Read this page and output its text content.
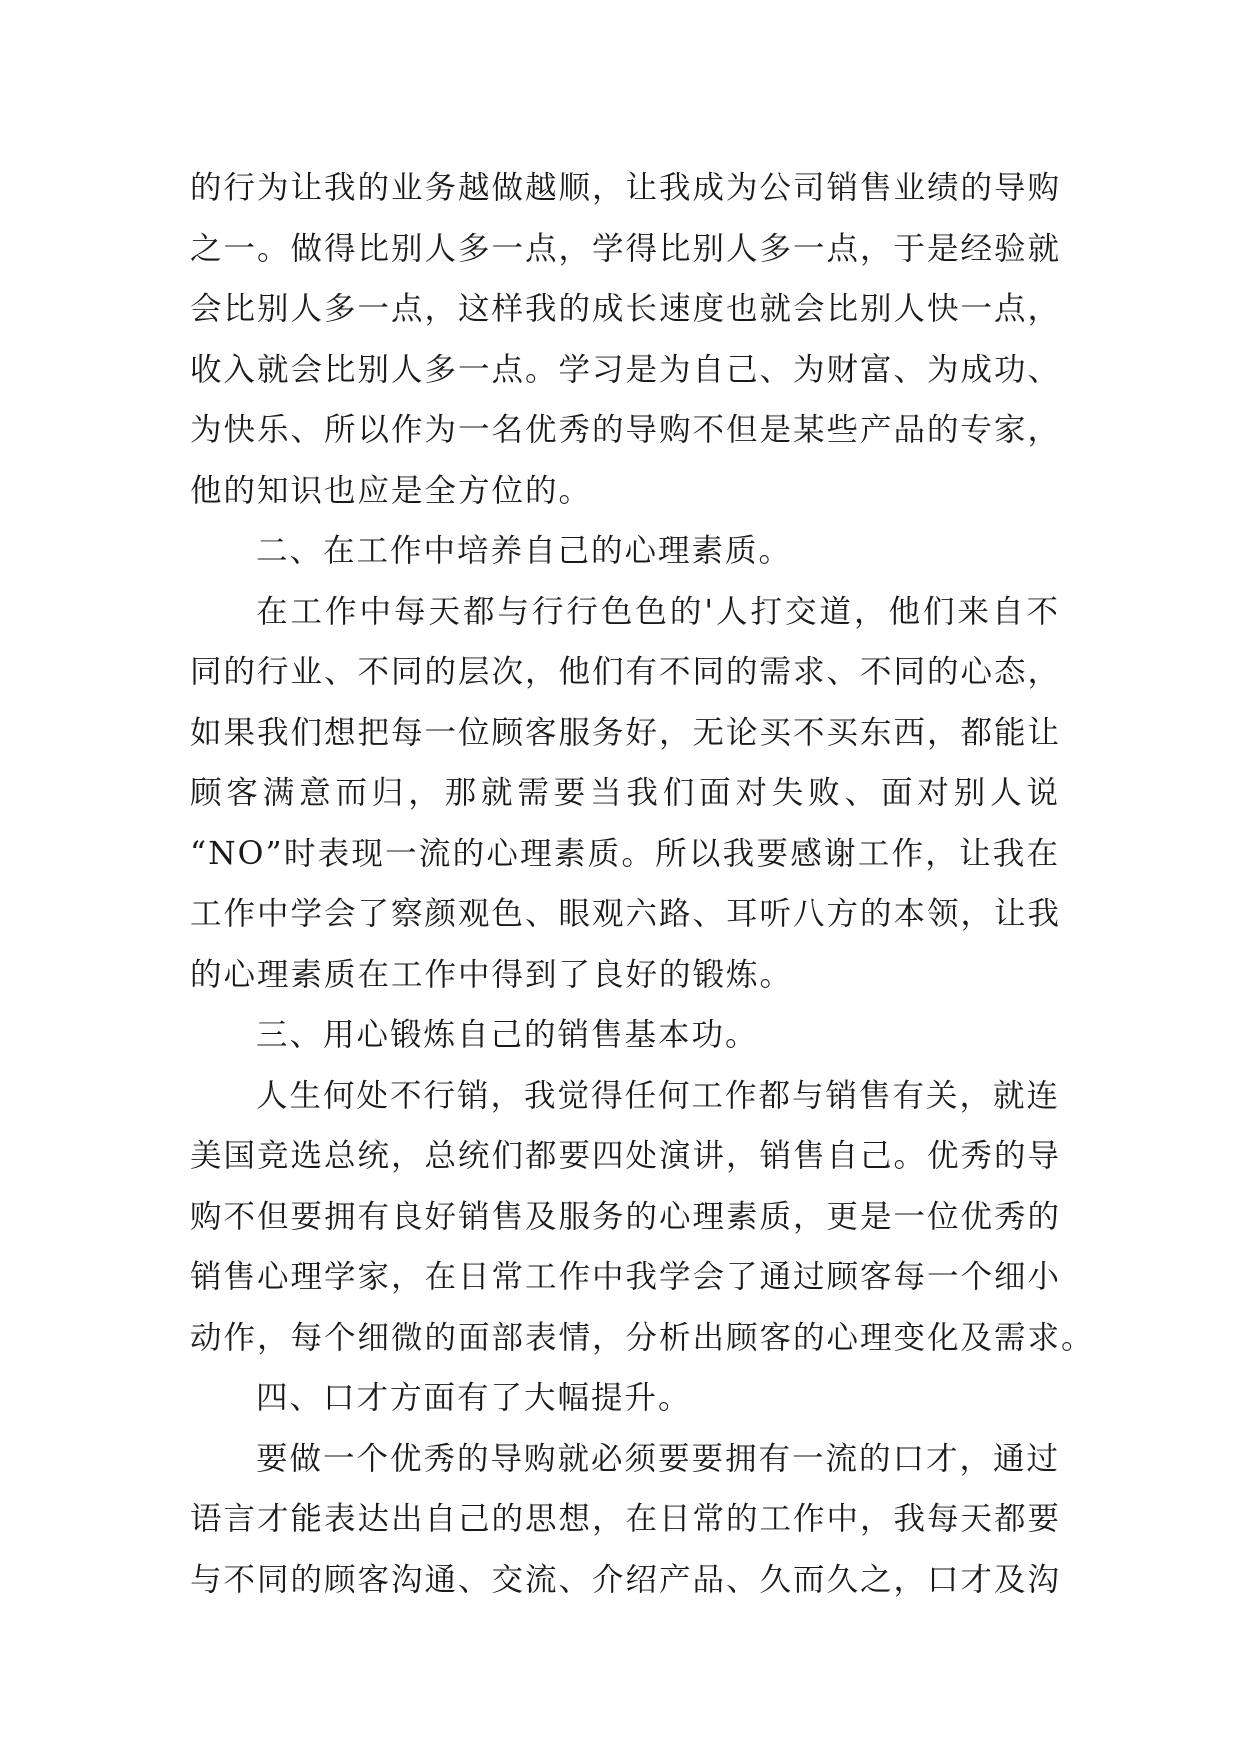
的行为让我的业务越做越顺，让我成为公司销售业绩的导购
之一。做得比别人多一点，学得比别人多一点，于是经验就
会比别人多一点，这样我的成长速度也就会比别人快一点，
收入就会比别人多一点。学习是为自己、为财富、为成功、
为快乐、所以作为一名优秀的导购不但是某些产品的专家，
他的知识也应是全方位的。
二、在工作中培养自己的心理素质。
在工作中每天都与行行色色的'人打交道，他们来自不
同的行业、不同的层次，他们有不同的需求、不同的心态，
如果我们想把每一位顾客服务好，无论买不买东西，都能让
顾客满意而归，那就需要当我们面对失败、面对别人说
“NO”时表现一流的心理素质。所以我要感谢工作，让我在
工作中学会了察颜观色、眼观六路、耳听八方的本领，让我
的心理素质在工作中得到了良好的锻炼。
三、用心锻炼自己的销售基本功。
人生何处不行销，我觉得任何工作都与销售有关，就连
美国竞选总统，总统们都要四处演讲，销售自己。优秀的导
购不但要拥有良好销售及服务的心理素质，更是一位优秀的
销售心理学家，在日常工作中我学会了通过顾客每一个细小
动作，每个细微的面部表情，分析出顾客的心理变化及需求。
四、口才方面有了大幅提升。
要做一个优秀的导购就必须要要拥有一流的口才，通过
语言才能表达出自己的思想，在日常的工作中，我每天都要
与不同的顾客沟通、交流、介绍产品、久而久之，口才及沟
